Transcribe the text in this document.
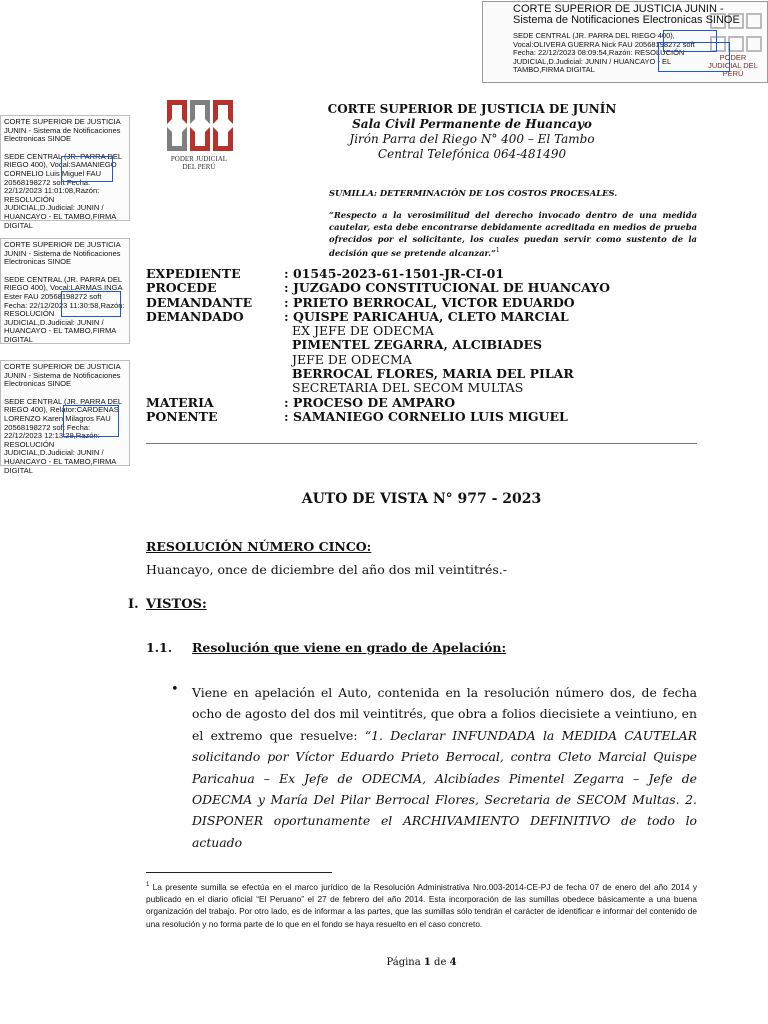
CORTE SUPERIOR DE JUSTICIA JUNIN - Sistema de Notificaciones Electronicas SINOE
SEDE CENTRAL (JR. PARRA DEL RIEGO 400), Vocal:OLIVERA GUERRA Nick FAU 20568198272 soft Fecha: 22/12/2023 08:09:54,Razón: RESOLUCIÓN JUDICIAL,D.Judicial: JUNIN / HUANCAYO - EL TAMBO,FIRMA DIGITAL
PODER JUDICIAL DEL PERÚ
CORTE SUPERIOR DE JUSTICIA JUNIN - Sistema de Notificaciones Electronicas SINOE
SEDE CENTRAL (JR. PARRA DEL RIEGO 400), Vocal:SAMANIEGO CORNELIO Luis Miguel FAU 20568198272 soft Fecha: 22/12/2023 11:01:08,Razón: RESOLUCIÓN JUDICIAL,D.Judicial: JUNIN / HUANCAYO - EL TAMBO,FIRMA DIGITAL
CORTE SUPERIOR DE JUSTICIA JUNIN - Sistema de Notificaciones Electronicas SINOE
SEDE CENTRAL (JR. PARRA DEL RIEGO 400), Vocal:LARMAS INGA Ester FAU 20568198272 soft Fecha: 22/12/2023 11:30:58,Razón: RESOLUCIÓN JUDICIAL,D.Judicial: JUNIN / HUANCAYO - EL TAMBO,FIRMA DIGITAL
CORTE SUPERIOR DE JUSTICIA JUNIN - Sistema de Notificaciones Electronicas SINOE
SEDE CENTRAL (JR. PARRA DEL RIEGO 400), Relator:CARDENAS LORENZO Karen Milagros FAU 20568198272 soft Fecha: 22/12/2023 12:13:29,Razón: RESOLUCIÓN JUDICIAL,D.Judicial: JUNIN / HUANCAYO - EL TAMBO,FIRMA DIGITAL
PODER JUDICIAL
DEL PERÚ
CORTE SUPERIOR DE JUSTICIA DE JUNÍN
Sala Civil Permanente de Huancayo
Jirón Parra del Riego N° 400 – El Tambo
Central Telefónica 064-481490
SUMILLA: DETERMINACIÓN DE LOS COSTOS PROCESALES.
“Respecto a la verosimilitud del derecho invocado dentro de una medida cautelar, esta debe encontrarse debidamente acreditada en medios de prueba ofrecidos por el solicitante, los cuales puedan servir como sustento de la decisión que se pretende alcanzar.”$^1$
EXPEDIENTE	: 01545-2023-61-1501-JR-CI-01
PROCEDE	: JUZGADO CONSTITUCIONAL DE HUANCAYO
DEMANDANTE	: PRIETO BERROCAL, VICTOR EDUARDO
DEMANDADO	: QUISPE PARICAHUA, CLETO MARCIAL
EX JEFE DE ODECMA
PIMENTEL ZEGARRA, ALCIBIADES
JEFE DE ODECMA
BERROCAL FLORES, MARIA DEL PILAR
SECRETARIA DEL SECOM MULTAS
MATERIA	: PROCESO DE AMPARO
PONENTE	: SAMANIEGO CORNELIO LUIS MIGUEL
AUTO DE VISTA N° 977 - 2023
RESOLUCIÓN NÚMERO CINCO:
Huancayo, once de diciembre del año dos mil veintitrés.-
I. VISTOS:
1.1. Resolución que viene en grado de Apelación:
• Viene en apelación el Auto, contenida en la resolución número dos, de fecha ocho de agosto del dos mil veintitrés, que obra a folios diecisiete a veintiuno, en el extremo que resuelve: “1. Declarar INFUNDADA la MEDIDA CAUTELAR solicitando por Víctor Eduardo Prieto Berrocal, contra Cleto Marcial Quispe Paricahua – Ex Jefe de ODECMA, Alcibíades Pimentel Zegarra – Jefe de ODECMA y María Del Pilar Berrocal Flores, Secretaria de SECOM Multas. 2. DISPONER oportunamente el ARCHIVAMIENTO DEFINITIVO de todo lo actuado
$^1$ La presente sumilla se efectúa en el marco jurídico de la Resolución Administrativa Nro.003-2014-CE-PJ de fecha 07 de enero del año 2014 y publicado en el diario oficial “El Peruano” el 27 de febrero del año 2014. Esta incorporación de las sumillas obedece básicamente a una buena organización del trabajo. Por otro lado, es de informar a las partes, que las sumillas sólo tendrán el carácter de identificar e informar del contenido de una resolución y no forma parte de lo que en el fondo se haya resuelto en el caso concreto.
Página 1 de 4
